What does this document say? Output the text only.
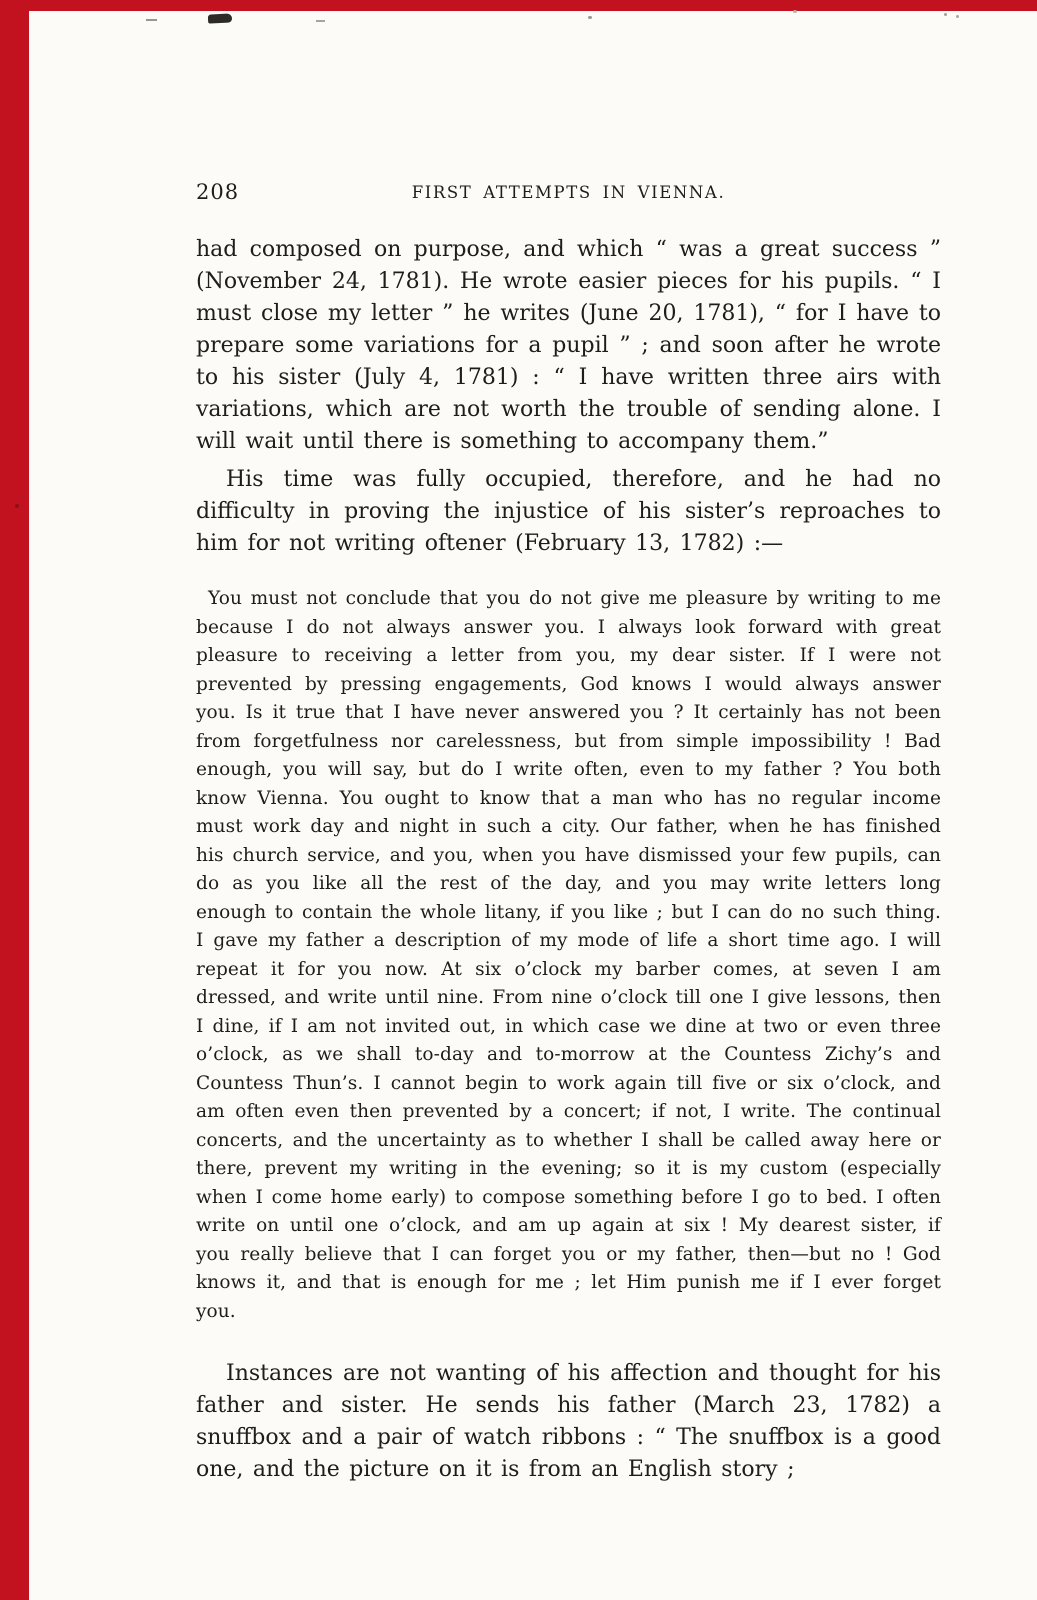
208	FIRST ATTEMPTS IN VIENNA.

had composed on purpose, and which “ was a great success ” (November 24, 1781). He wrote easier pieces for his pupils. “ I must close my letter ” he writes (June 20, 1781), “ for I have to prepare some variations for a pupil ” ; and soon after he wrote to his sister (July 4, 1781) : “ I have written three airs with variations, which are not worth the trouble of sending alone. I will wait until there is something to accompany them.”

His time was fully occupied, therefore, and he had no difficulty in proving the injustice of his sister’s reproaches to him for not writing oftener (February 13, 1782) :—

You must not conclude that you do not give me pleasure by writing to me because I do not always answer you. I always look forward with great pleasure to receiving a letter from you, my dear sister. If I were not prevented by pressing engagements, God knows I would always answer you. Is it true that I have never answered you ? It certainly has not been from forgetfulness nor carelessness, but from simple impossibility ! Bad enough, you will say, but do I write often, even to my father ? You both know Vienna. You ought to know that a man who has no regular income must work day and night in such a city. Our father, when he has finished his church service, and you, when you have dismissed your few pupils, can do as you like all the rest of the day, and you may write letters long enough to contain the whole litany, if you like ; but I can do no such thing. I gave my father a description of my mode of life a short time ago. I will repeat it for you now. At six o’clock my barber comes, at seven I am dressed, and write until nine. From nine o’clock till one I give lessons, then I dine, if I am not invited out, in which case we dine at two or even three o’clock, as we shall to-day and to-morrow at the Countess Zichy’s and Countess Thun’s. I cannot begin to work again till five or six o’clock, and am often even then prevented by a concert; if not, I write. The continual concerts, and the uncertainty as to whether I shall be called away here or there, prevent my writing in the evening; so it is my custom (especially when I come home early) to compose something before I go to bed. I often write on until one o’clock, and am up again at six ! My dearest sister, if you really believe that I can forget you or my father, then—but no ! God knows it, and that is enough for me ; let Him punish me if I ever forget you.

Instances are not wanting of his affection and thought for his father and sister. He sends his father (March 23, 1782) a snuffbox and a pair of watch ribbons : “ The snuffbox is a good one, and the picture on it is from an English story ;
